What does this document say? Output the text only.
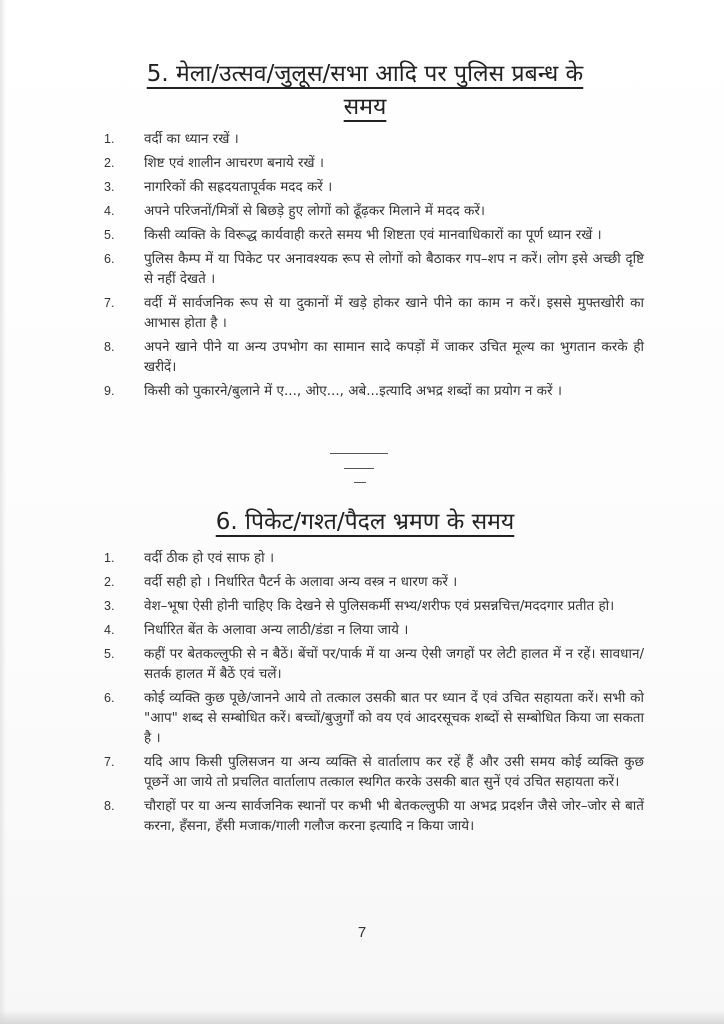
5. मेला/उत्सव/जुलूस/सभा आदि पर पुलिस प्रबन्ध के
समय
1.	वर्दी का ध्यान रखें ।
2.	शिष्ट एवं शालीन आचरण बनाये रखें ।
3.	नागरिकों की सह्रदयतापूर्वक मदद करें ।
4.	अपने परिजनों/मित्रों से बिछड़े हुए लोगों को ढूँढ़कर मिलाने में मदद करें।
5.	किसी व्यक्ति के विरूद्ध कार्यवाही करते समय भी शिष्टता एवं मानवाधिकारों का पूर्ण ध्यान रखें ।
6.	पुलिस कैम्प में या पिकेट पर अनावश्यक रूप से लोगों को बैठाकर गप–शप न करें। लोग इसे अच्छी दृष्टि से नहीं देखते ।
7.	वर्दी में सार्वजनिक रूप से या दुकानों में खड़े होकर खाने पीने का काम न करें। इससे मुफ्तखोरी का आभास होता है ।
8.	अपने खाने पीने या अन्य उपभोग का सामान सादे कपड़ों में जाकर उचित मूल्य का भुगतान करके ही खरीदें।
9.	किसी को पुकारने/बुलाने में ए..., ओए..., अबे...इत्यादि अभद्र शब्दों का प्रयोग न करें ।
6. पिकेट/गश्त/पैदल भ्रमण के समय
1.	वर्दी ठीक हो एवं साफ हो ।
2.	वर्दी सही हो । निर्धारित पैटर्न के अलावा अन्य वस्त्र न धारण करें ।
3.	वेश–भूषा ऐसी होनी चाहिए कि देखने से पुलिसकर्मी सभ्य/शरीफ एवं प्रसन्नचित्त/मददगार प्रतीत हो।
4.	निर्धारित बेंत के अलावा अन्य लाठी/डंडा न लिया जाये ।
5.	कहीं पर बेतकल्लुफी से न बैठें। बेंचों पर/पार्क में या अन्य ऐसी जगहों पर लेटी हालत में न रहें। सावधान/सतर्क हालत में बैठें एवं चलें।
6.	कोई व्यक्ति कुछ पूछे/जानने आये तो तत्काल उसकी बात पर ध्यान दें एवं उचित सहायता करें। सभी को "आप" शब्द से सम्बोधित करें। बच्चों/बुजुर्गों को वय एवं आदरसूचक शब्दों से सम्बोधित किया जा सकता है ।
7.	यदि आप किसी पुलिसजन या अन्य व्यक्ति से वार्तालाप कर रहें हैं और उसी समय कोई व्यक्ति कुछ पूछनें आ जाये तो प्रचलित वार्तालाप तत्काल स्थगित करके उसकी बात सुनें एवं उचित सहायता करें।
8.	चौराहों पर या अन्य सार्वजनिक स्थानों पर कभी भी बेतकल्लुफी या अभद्र प्रदर्शन जैसे जोर–जोर से बातें करना, हँसना, हँसी मजाक/गाली गलौज करना इत्यादि न किया जाये।
7
